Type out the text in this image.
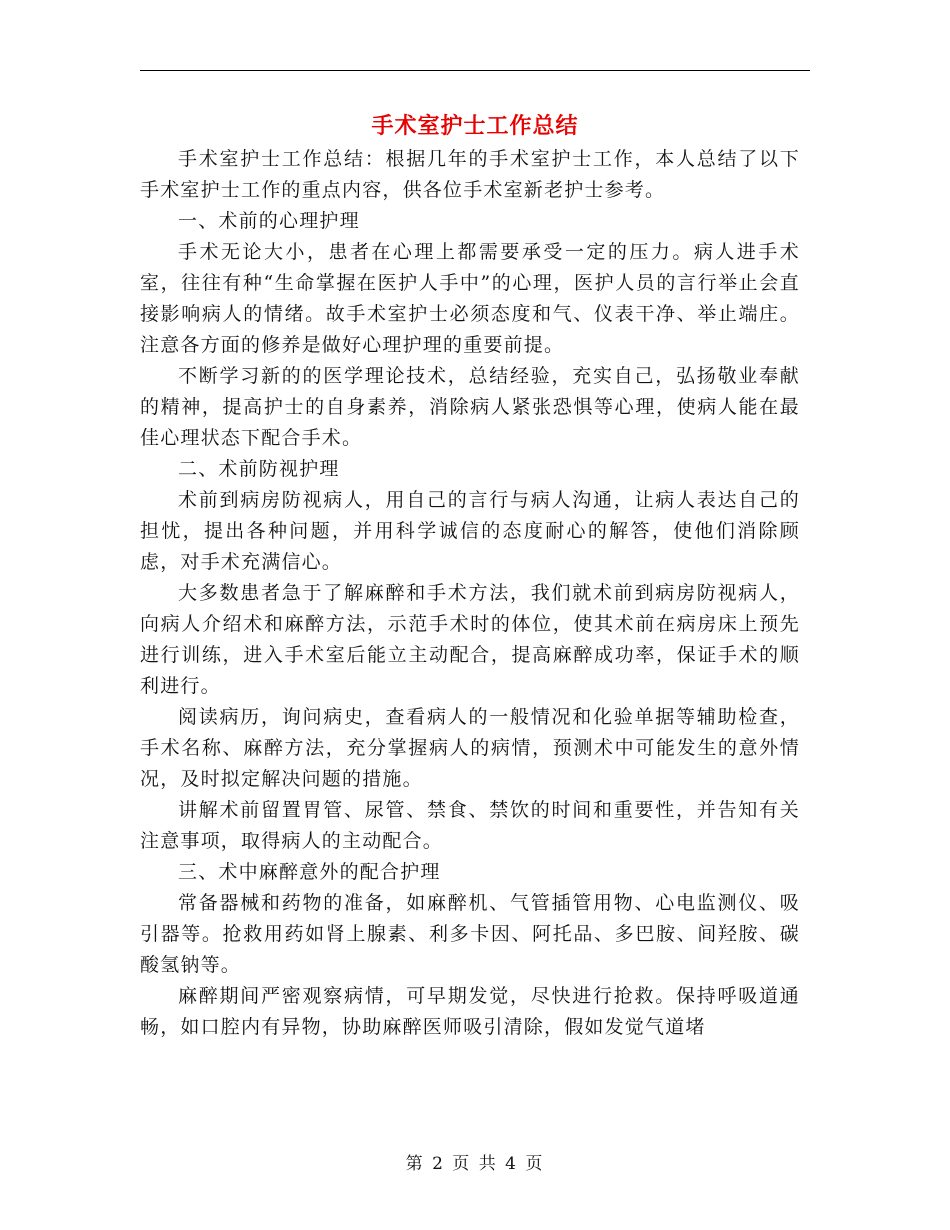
手术室护士工作总结

手术室护士工作总结：根据几年的手术室护士工作，本人总结了以下手术室护士工作的重点内容，供各位手术室新老护士参考。

一、术前的心理护理

手术无论大小，患者在心理上都需要承受一定的压力。病人进手术室，往往有种“生命掌握在医护人手中”的心理，医护人员的言行举止会直接影响病人的情绪。故手术室护士必须态度和气、仪表干净、举止端庄。注意各方面的修养是做好心理护理的重要前提。

不断学习新的的医学理论技术，总结经验，充实自己，弘扬敬业奉献的精神，提高护士的自身素养，消除病人紧张恐惧等心理，使病人能在最佳心理状态下配合手术。

二、术前防视护理

术前到病房防视病人，用自己的言行与病人沟通，让病人表达自己的担忧，提出各种问题，并用科学诚信的态度耐心的解答，使他们消除顾虑，对手术充满信心。

大多数患者急于了解麻醉和手术方法，我们就术前到病房防视病人，向病人介绍术和麻醉方法，示范手术时的体位，使其术前在病房床上预先进行训练，进入手术室后能立主动配合，提高麻醉成功率，保证手术的顺利进行。

阅读病历，询问病史，查看病人的一般情况和化验单据等辅助检查，手术名称、麻醉方法，充分掌握病人的病情，预测术中可能发生的意外情况，及时拟定解决问题的措施。

讲解术前留置胃管、尿管、禁食、禁饮的时间和重要性，并告知有关注意事项，取得病人的主动配合。

三、术中麻醉意外的配合护理

常备器械和药物的准备，如麻醉机、气管插管用物、心电监测仪、吸引器等。抢救用药如肾上腺素、利多卡因、阿托品、多巴胺、间羟胺、碳酸氢钠等。

麻醉期间严密观察病情，可早期发觉，尽快进行抢救。保持呼吸道通畅，如口腔内有异物，协助麻醉医师吸引清除，假如发觉气道堵

第 2 页 共 4 页
